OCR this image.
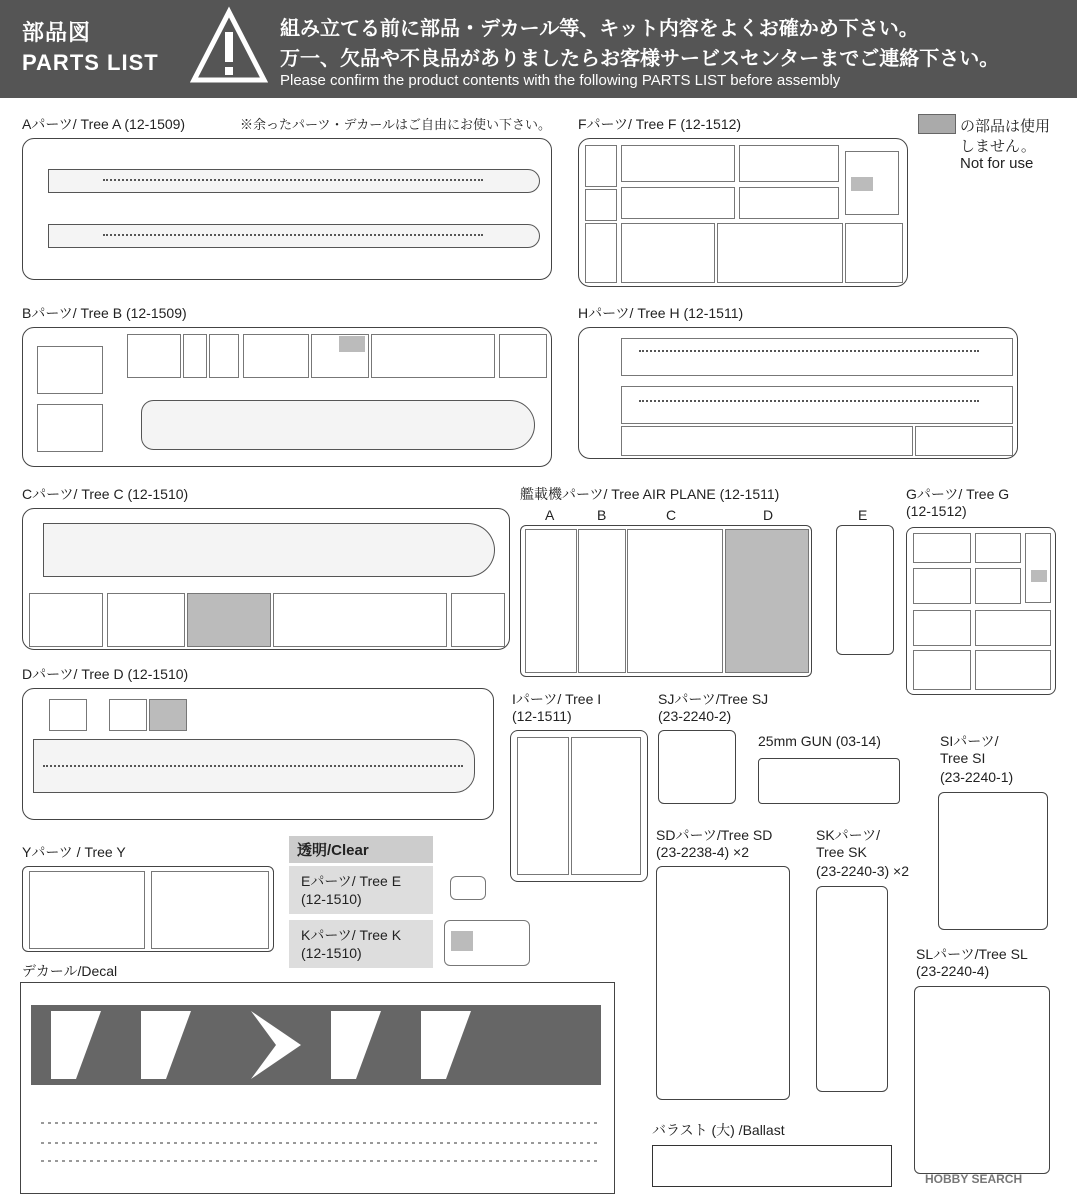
部品図
PARTS LIST
組み立てる前に部品・デカール等、キット内容をよくお確かめ下さい。
万一、欠品や不良品がありましたらお客様サービスセンターまでご連絡下さい。
Please confirm the product contents with the following PARTS LIST before assembly
の部品は使用
しません。
Not for use
Aパーツ/ Tree A (12-1509)	※余ったパーツ・デカールはご自由にお使い下さい。 Fパーツ/ Tree F (12-1512)
Bパーツ/ Tree B (12-1509)	Hパーツ/ Tree H (12-1511)
Cパーツ/ Tree C (12-1510)
Dパーツ/ Tree D (12-1510)
艦載機パーツ/ Tree AIR PLANE (12-1511)
A	B	C	D	E
Gパーツ/ Tree G
(12-1512)
Iパーツ/ Tree I
(12-1511)
SJパーツ/Tree SJ
(23-2240-2)
25mm GUN (03-14)	SIパーツ/
Tree SI
(23-2240-1)
Yパーツ / Tree Y	透明/Clear
Eパーツ/ Tree E
(12-1510)
Kパーツ/ Tree K
(12-1510)
SDパーツ/Tree SD
(23-2238-4) ×2
SKパーツ/
Tree SK
(23-2240-3) ×2
SLパーツ/Tree SL
(23-2240-4)
デカール/Decal
バラスト (大) /Ballast
HOBBY SEARCH
